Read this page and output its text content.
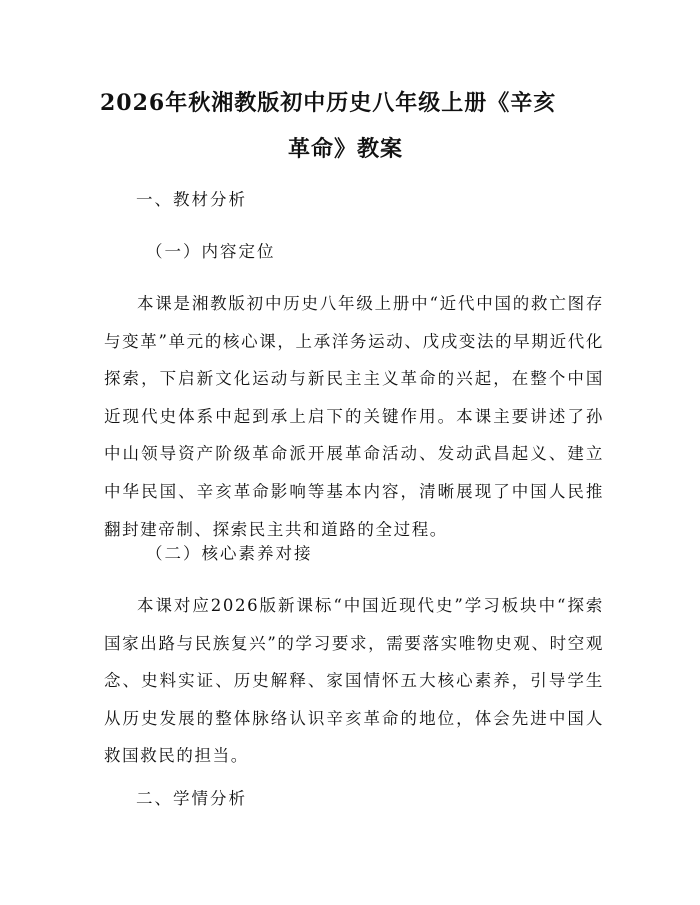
2026年秋湘教版初中历史八年级上册《辛亥
革命》教案

一、教材分析

（一）内容定位

本课是湘教版初中历史八年级上册中“近代中国的救亡图存与变革”单元的核心课，上承洋务运动、戊戌变法的早期近代化探索，下启新文化运动与新民主主义革命的兴起，在整个中国近现代史体系中起到承上启下的关键作用。本课主要讲述了孙中山领导资产阶级革命派开展革命活动、发动武昌起义、建立中华民国、辛亥革命影响等基本内容，清晰展现了中国人民推翻封建帝制、探索民主共和道路的全过程。

（二）核心素养对接

本课对应2026版新课标“中国近现代史”学习板块中“探索国家出路与民族复兴”的学习要求，需要落实唯物史观、时空观念、史料实证、历史解释、家国情怀五大核心素养，引导学生从历史发展的整体脉络认识辛亥革命的地位，体会先进中国人救国救民的担当。

二、学情分析
